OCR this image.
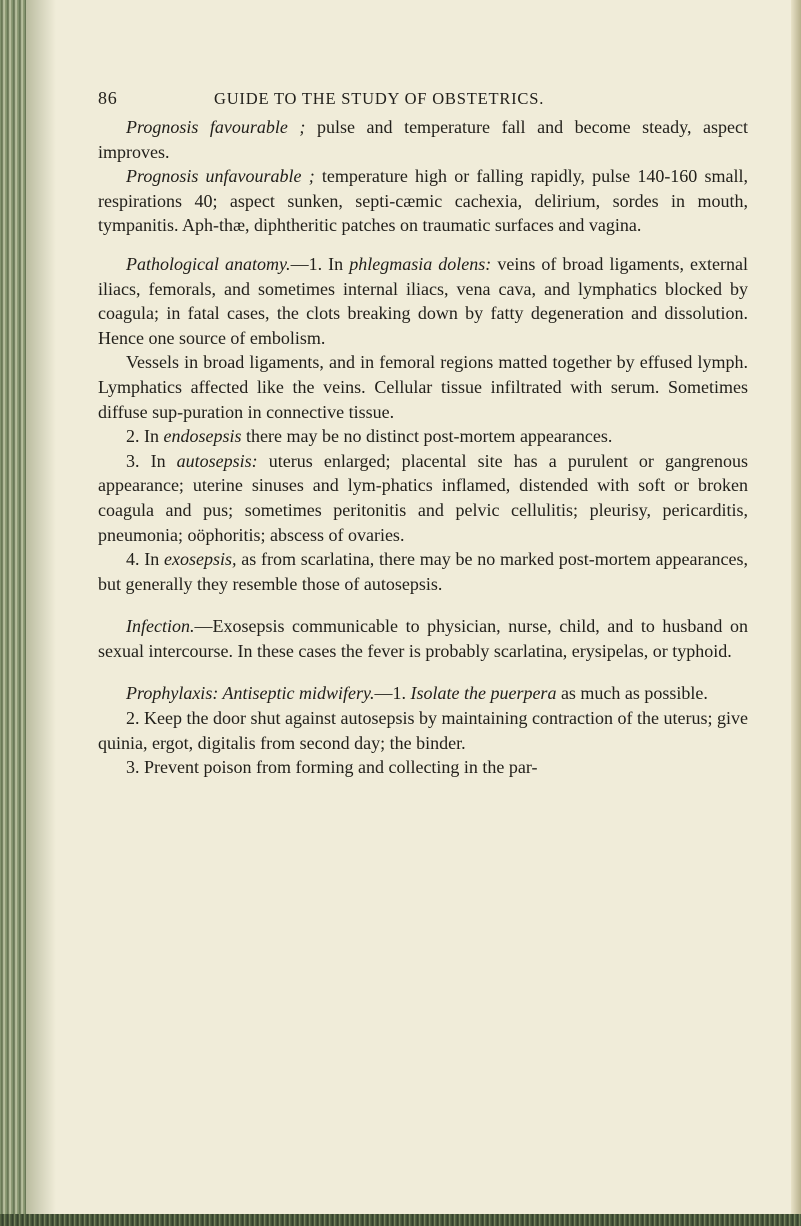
86	GUIDE TO THE STUDY OF OBSTETRICS.

Prognosis favourable ; pulse and temperature fall and become steady, aspect improves.

Prognosis unfavourable ; temperature high or falling rapidly, pulse 140-160 small, respirations 40; aspect sunken, septi-cæmic cachexia, delirium, sordes in mouth, tympanitis. Aph-thæ, diphtheritic patches on traumatic surfaces and vagina.

Pathological anatomy.—1. In phlegmasia dolens: veins of broad ligaments, external iliacs, femorals, and sometimes internal iliacs, vena cava, and lymphatics blocked by coagula; in fatal cases, the clots breaking down by fatty degeneration and dissolution. Hence one source of embolism.

Vessels in broad ligaments, and in femoral regions matted together by effused lymph. Lymphatics affected like the veins. Cellular tissue infiltrated with serum. Sometimes diffuse sup-puration in connective tissue.

2. In endosepsis there may be no distinct post-mortem appearances.

3. In autosepsis: uterus enlarged; placental site has a purulent or gangrenous appearance; uterine sinuses and lym-phatics inflamed, distended with soft or broken coagula and pus; sometimes peritonitis and pelvic cellulitis; pleurisy, pericarditis, pneumonia; oöphoritis; abscess of ovaries.

4. In exosepsis, as from scarlatina, there may be no marked post-mortem appearances, but generally they resemble those of autosepsis.

Infection.—Exosepsis communicable to physician, nurse, child, and to husband on sexual intercourse. In these cases the fever is probably scarlatina, erysipelas, or typhoid.

Prophylaxis: Antiseptic midwifery.—1. Isolate the puerpera as much as possible.

2. Keep the door shut against autosepsis by maintaining contraction of the uterus; give quinia, ergot, digitalis from second day; the binder.

3. Prevent poison from forming and collecting in the par-
